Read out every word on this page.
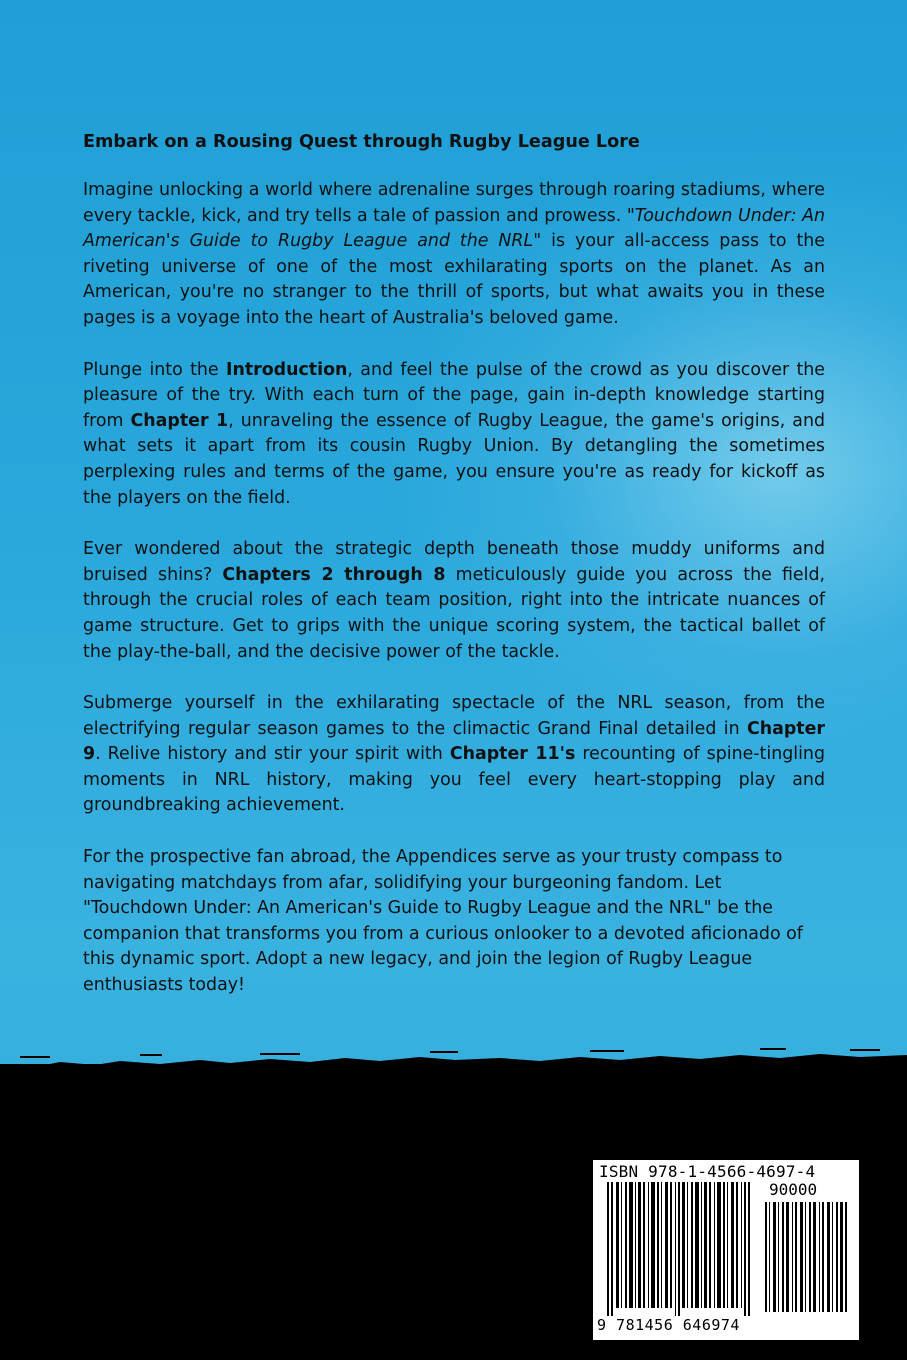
Embark on a Rousing Quest through Rugby League Lore

Imagine unlocking a world where adrenaline surges through roaring stadiums, where every tackle, kick, and try tells a tale of passion and prowess. "Touchdown Under: An American's Guide to Rugby League and the NRL" is your all-access pass to the riveting universe of one of the most exhilarating sports on the planet. As an American, you're no stranger to the thrill of sports, but what awaits you in these pages is a voyage into the heart of Australia's beloved game.

Plunge into the Introduction, and feel the pulse of the crowd as you discover the pleasure of the try. With each turn of the page, gain in-depth knowledge starting from Chapter 1, unraveling the essence of Rugby League, the game's origins, and what sets it apart from its cousin Rugby Union. By detangling the sometimes perplexing rules and terms of the game, you ensure you're as ready for kickoff as the players on the field.

Ever wondered about the strategic depth beneath those muddy uniforms and bruised shins? Chapters 2 through 8 meticulously guide you across the field, through the crucial roles of each team position, right into the intricate nuances of game structure. Get to grips with the unique scoring system, the tactical ballet of the play-the-ball, and the decisive power of the tackle.

Submerge yourself in the exhilarating spectacle of the NRL season, from the electrifying regular season games to the climactic Grand Final detailed in Chapter 9. Relive history and stir your spirit with Chapter 11's recounting of spine-tingling moments in NRL history, making you feel every heart-stopping play and groundbreaking achievement.

For the prospective fan abroad, the Appendices serve as your trusty compass to navigating matchdays from afar, solidifying your burgeoning fandom. Let "Touchdown Under: An American's Guide to Rugby League and the NRL" be the companion that transforms you from a curious onlooker to a devoted aficionado of this dynamic sport. Adopt a new legacy, and join the legion of Rugby League enthusiasts today!

ISBN 978-1-4566-4697-4
90000
9 781456 646974
